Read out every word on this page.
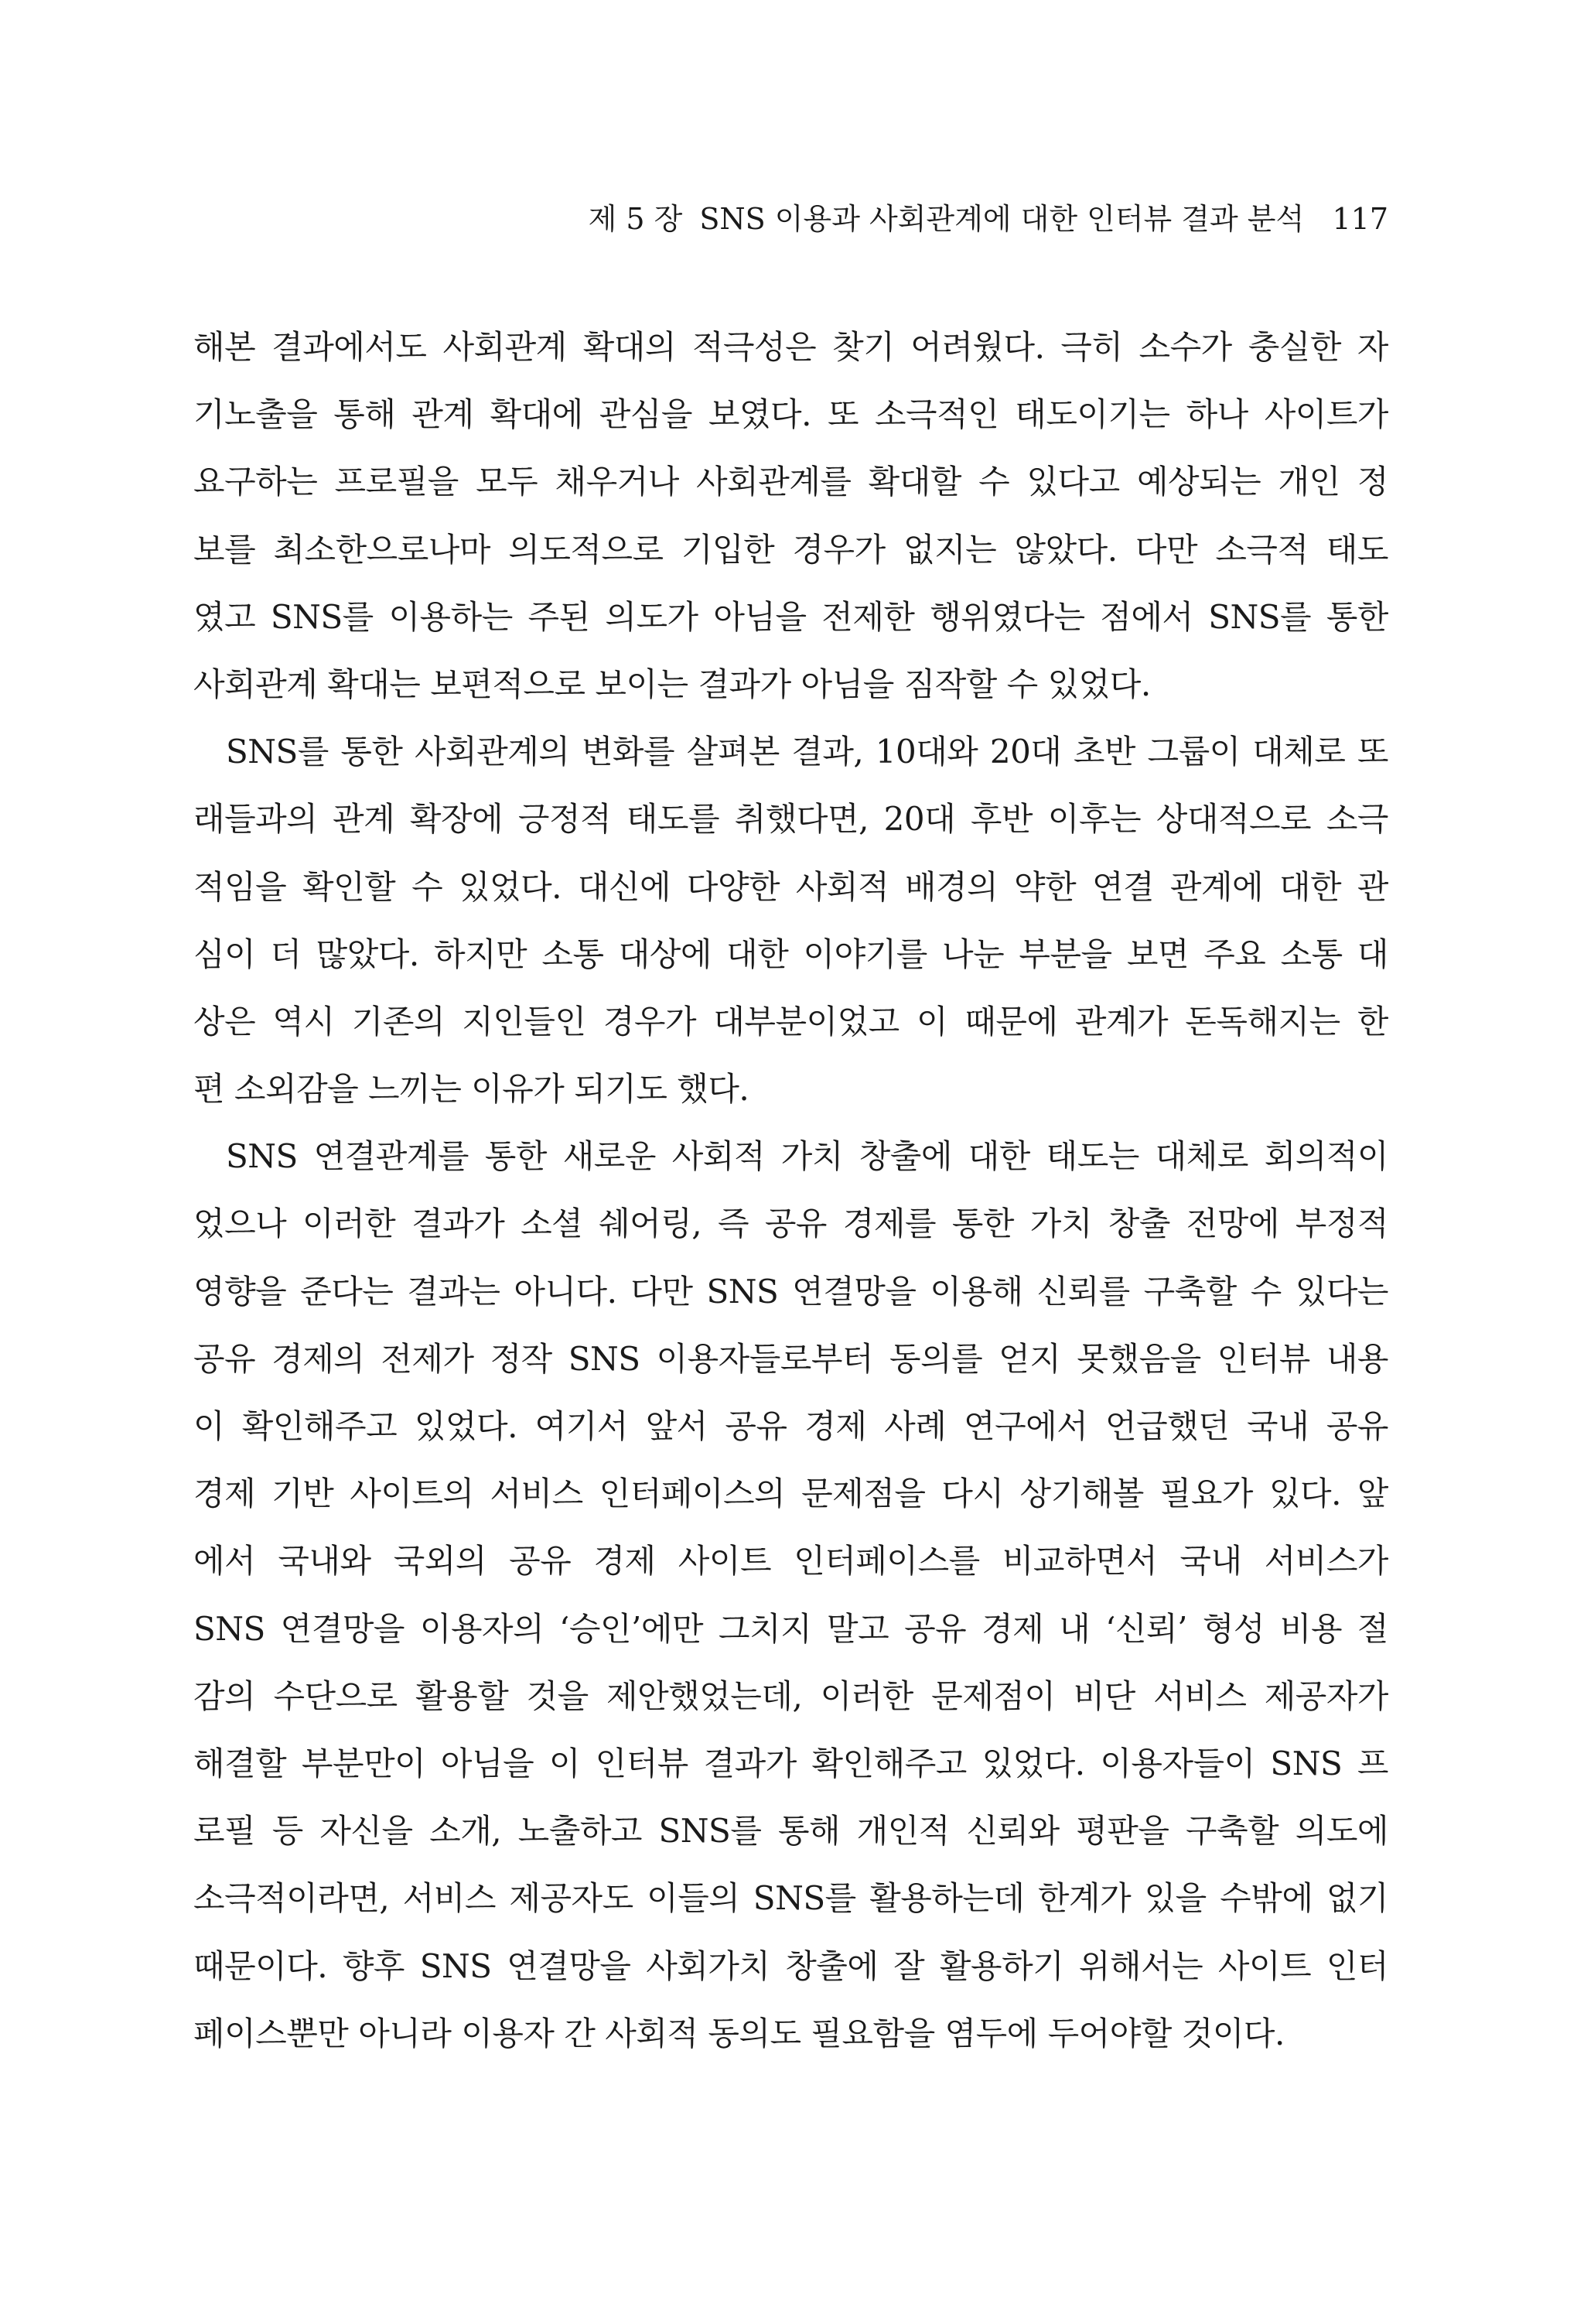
제 5 장 SNS 이용과 사회관계에 대한 인터뷰 결과 분석 117
해본 결과에서도 사회관계 확대의 적극성은 찾기 어려웠다. 극히 소수가 충실한 자
기노출을 통해 관계 확대에 관심을 보였다. 또 소극적인 태도이기는 하나 사이트가
요구하는 프로필을 모두 채우거나 사회관계를 확대할 수 있다고 예상되는 개인 정
보를 최소한으로나마 의도적으로 기입한 경우가 없지는 않았다. 다만 소극적 태도
였고 SNS를 이용하는 주된 의도가 아님을 전제한 행위였다는 점에서 SNS를 통한
사회관계 확대는 보편적으로 보이는 결과가 아님을 짐작할 수 있었다.
SNS를 통한 사회관계의 변화를 살펴본 결과, 10대와 20대 초반 그룹이 대체로 또
래들과의 관계 확장에 긍정적 태도를 취했다면, 20대 후반 이후는 상대적으로 소극
적임을 확인할 수 있었다. 대신에 다양한 사회적 배경의 약한 연결 관계에 대한 관
심이 더 많았다. 하지만 소통 대상에 대한 이야기를 나눈 부분을 보면 주요 소통 대
상은 역시 기존의 지인들인 경우가 대부분이었고 이 때문에 관계가 돈독해지는 한
편 소외감을 느끼는 이유가 되기도 했다.
SNS 연결관계를 통한 새로운 사회적 가치 창출에 대한 태도는 대체로 회의적이
었으나 이러한 결과가 소셜 쉐어링, 즉 공유 경제를 통한 가치 창출 전망에 부정적
영향을 준다는 결과는 아니다. 다만 SNS 연결망을 이용해 신뢰를 구축할 수 있다는
공유 경제의 전제가 정작 SNS 이용자들로부터 동의를 얻지 못했음을 인터뷰 내용
이 확인해주고 있었다. 여기서 앞서 공유 경제 사례 연구에서 언급했던 국내 공유
경제 기반 사이트의 서비스 인터페이스의 문제점을 다시 상기해볼 필요가 있다. 앞
에서 국내와 국외의 공유 경제 사이트 인터페이스를 비교하면서 국내 서비스가
SNS 연결망을 이용자의 ‘승인’에만 그치지 말고 공유 경제 내 ‘신뢰’ 형성 비용 절
감의 수단으로 활용할 것을 제안했었는데, 이러한 문제점이 비단 서비스 제공자가
해결할 부분만이 아님을 이 인터뷰 결과가 확인해주고 있었다. 이용자들이 SNS 프
로필 등 자신을 소개, 노출하고 SNS를 통해 개인적 신뢰와 평판을 구축할 의도에
소극적이라면, 서비스 제공자도 이들의 SNS를 활용하는데 한계가 있을 수밖에 없기
때문이다. 향후 SNS 연결망을 사회가치 창출에 잘 활용하기 위해서는 사이트 인터
페이스뿐만 아니라 이용자 간 사회적 동의도 필요함을 염두에 두어야할 것이다.
